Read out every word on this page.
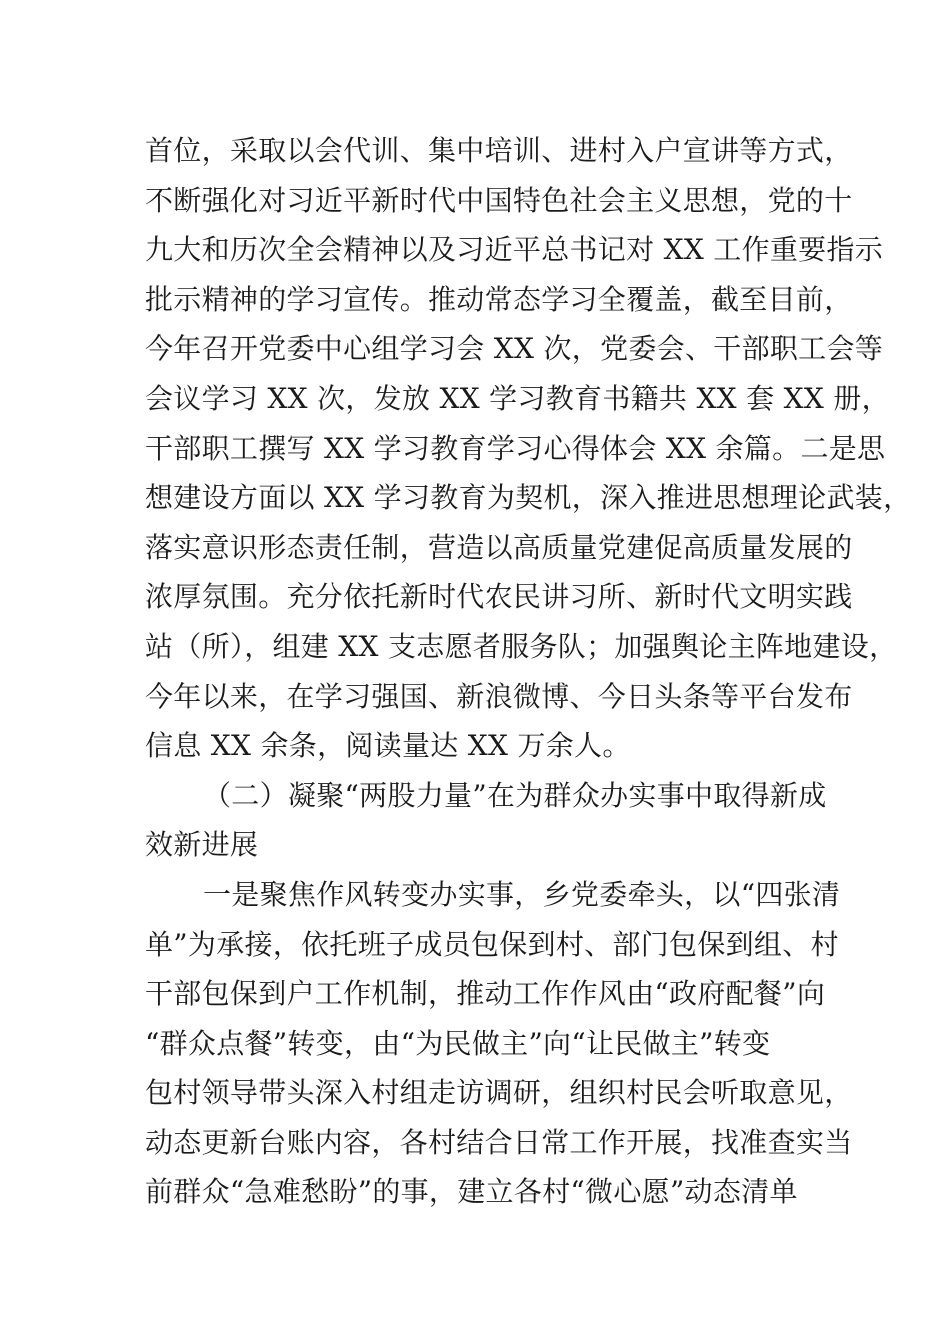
首位，采取以会代训、集中培训、进村入户宣讲等方式，
不断强化对习近平新时代中国特色社会主义思想，党的十
九大和历次全会精神以及习近平总书记对 XX 工作重要指示
批示精神的学习宣传。推动常态学习全覆盖，截至目前，
今年召开党委中心组学习会 XX 次，党委会、干部职工会等
会议学习 XX 次，发放 XX 学习教育书籍共 XX 套 XX 册，
干部职工撰写 XX 学习教育学习心得体会 XX 余篇。二是思
想建设方面以 XX 学习教育为契机，深入推进思想理论武装，
落实意识形态责任制，营造以高质量党建促高质量发展的
浓厚氛围。充分依托新时代农民讲习所、新时代文明实践
站（所），组建 XX 支志愿者服务队；加强舆论主阵地建设，
今年以来，在学习强国、新浪微博、今日头条等平台发布
信息 XX 余条，阅读量达 XX 万余人。
（二）凝聚“两股力量”在为群众办实事中取得新成
效新进展
一是聚焦作风转变办实事，乡党委牵头，以“四张清
单”为承接，依托班子成员包保到村、部门包保到组、村
干部包保到户工作机制，推动工作作风由“政府配餐”向
“群众点餐”转变，由“为民做主”向“让民做主”转变
包村领导带头深入村组走访调研，组织村民会听取意见，
动态更新台账内容，各村结合日常工作开展，找准查实当
前群众“急难愁盼”的事，建立各村“微心愿”动态清单
